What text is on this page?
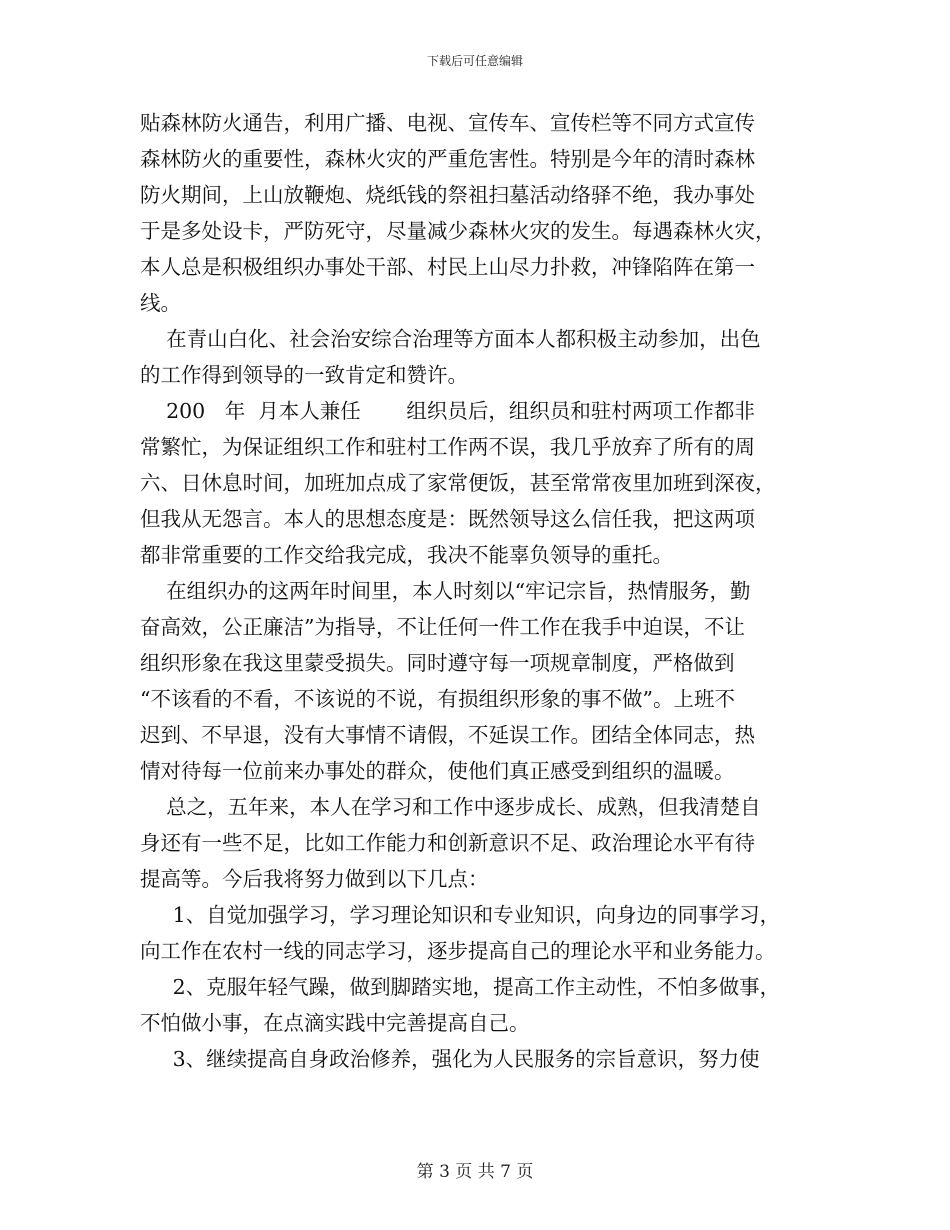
下载后可任意编辑
贴森林防火通告，利用广播、电视、宣传车、宣传栏等不同方式宣传
森林防火的重要性，森林火灾的严重危害性。特别是今年的清时森林
防火期间，上山放鞭炮、烧纸钱的祭祖扫墓活动络驿不绝，我办事处
于是多处设卡，严防死守，尽量减少森林火灾的发生。每遇森林火灾，
本人总是积极组织办事处干部、村民上山尽力扑救，冲锋陷阵在第一
线。
在青山白化、社会治安综合治理等方面本人都积极主动参加，出色
的工作得到领导的一致肯定和赞许。
200   年  月本人兼任       组织员后，组织员和驻村两项工作都非
常繁忙，为保证组织工作和驻村工作两不误，我几乎放弃了所有的周
六、日休息时间，加班加点成了家常便饭，甚至常常夜里加班到深夜，
但我从无怨言。本人的思想态度是：既然领导这么信任我，把这两项
都非常重要的工作交给我完成，我决不能辜负领导的重托。
在组织办的这两年时间里，本人时刻以“牢记宗旨，热情服务，勤
奋高效，公正廉洁”为指导，不让任何一件工作在我手中迫误，不让
组织形象在我这里蒙受损失。同时遵守每一项规章制度，严格做到
“不该看的不看，不该说的不说，有损组织形象的事不做”。上班不
迟到、不早退，没有大事情不请假，不延误工作。团结全体同志，热
情对待每一位前来办事处的群众，使他们真正感受到组织的温暖。
总之，五年来，本人在学习和工作中逐步成长、成熟，但我清楚自
身还有一些不足，比如工作能力和创新意识不足、政治理论水平有待
提高等。今后我将努力做到以下几点：
1、自觉加强学习，学习理论知识和专业知识，向身边的同事学习，
向工作在农村一线的同志学习，逐步提高自己的理论水平和业务能力。
2、克服年轻气躁，做到脚踏实地，提高工作主动性，不怕多做事，
不怕做小事，在点滴实践中完善提高自己。
3、继续提高自身政治修养，强化为人民服务的宗旨意识，努力使
第 3 页 共 7 页
